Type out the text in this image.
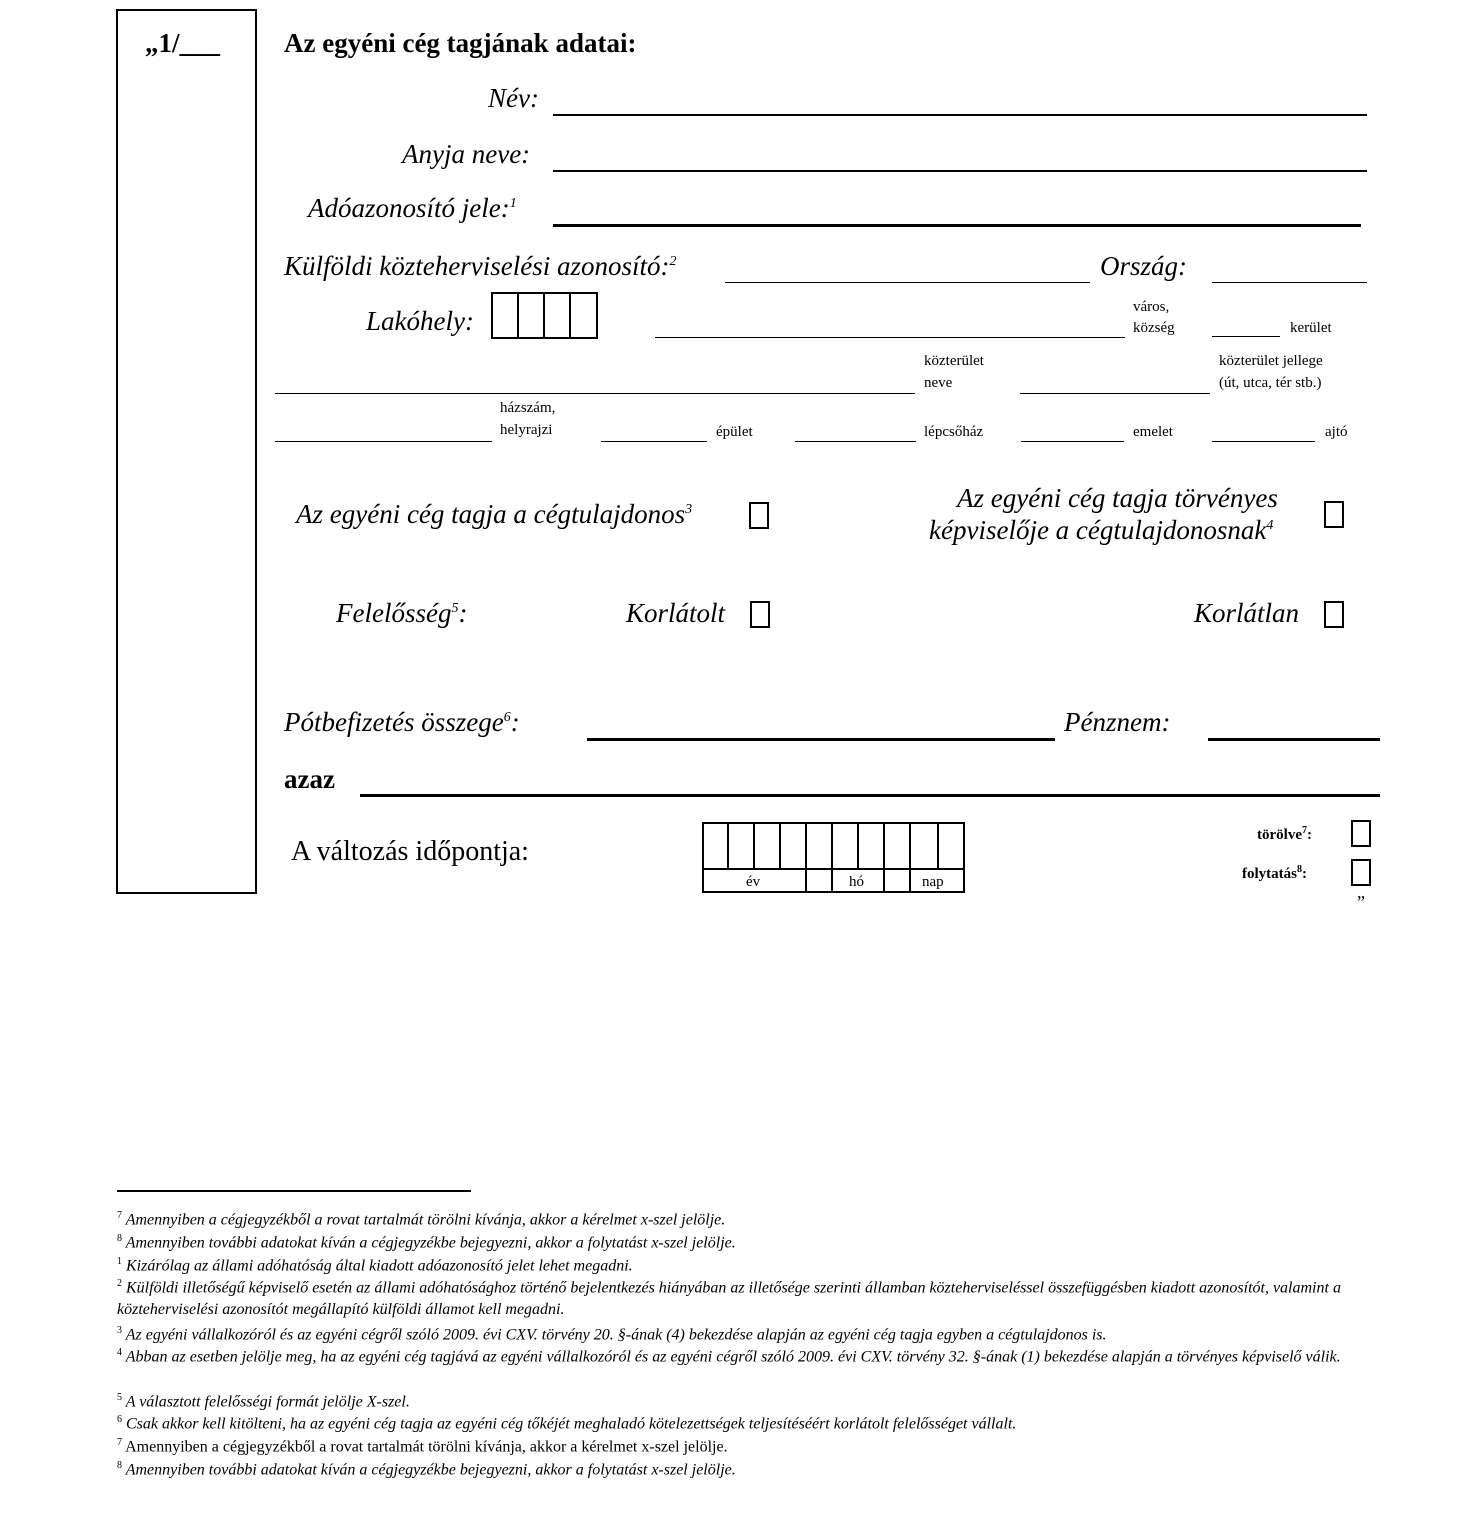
„1/___ Az egyéni cég tagjának adatai:
Név:
Anyja neve:
Adóazonosító jele:$^1$
Külföldi közteherviselési azonosító:$^2$	Ország:
Lakóhely:	város,
község	kerület
közterület
neve
közterület jellege
(út, utca, tér stb.)
házszám,
helyrajzi	épület	lépcsőház	emelet	ajtó
Az egyéni cég tagja a cégtulajdonos$^3$	Az egyéni cég tagja törvényes
képviselője a cégtulajdonosnak$^4$
Felelősség$^5$:	Korlátolt	Korlátlan
Pótbefizetés összege$^6$:	Pénznem:
azaz
A változás időpontja:
év	hó	nap
törölve$^7$:
folytatás$^8$:
”
$^7$ Amennyiben a cégjegyzékből a rovat tartalmát törölni kívánja, akkor a kérelmet x-szel jelölje.
$^8$ Amennyiben további adatokat kíván a cégjegyzékbe bejegyezni, akkor a folytatást x-szel jelölje.
$^1$ Kizárólag az állami adóhatóság által kiadott adóazonosító jelet lehet megadni.
$^2$ Külföldi illetőségű képviselő esetén az állami adóhatósághoz történő bejelentkezés hiányában az illetősége szerinti államban közteherviseléssel összefüggésben kiadott azonosítót, valamint a közteherviselési azonosítót megállapító külföldi államot kell megadni.
$^3$ Az egyéni vállalkozóról és az egyéni cégről szóló 2009. évi CXV. törvény 20. §-ának (4) bekezdése alapján az egyéni cég tagja egyben a cégtulajdonos is.
$^4$ Abban az esetben jelölje meg, ha az egyéni cég tagjává az egyéni vállalkozóról és az egyéni cégről szóló 2009. évi CXV. törvény 32. §-ának (1) bekezdése alapján a törvényes képviselő válik.
$^5$ A választott felelősségi formát jelölje X-szel.
$^6$ Csak akkor kell kitölteni, ha az egyéni cég tagja az egyéni cég tőkéjét meghaladó kötelezettségek teljesítéséért korlátolt felelősséget vállalt.
$^7$ Amennyiben a cégjegyzékből a rovat tartalmát törölni kívánja, akkor a kérelmet x-szel jelölje.
$^8$ Amennyiben további adatokat kíván a cégjegyzékbe bejegyezni, akkor a folytatást x-szel jelölje.
